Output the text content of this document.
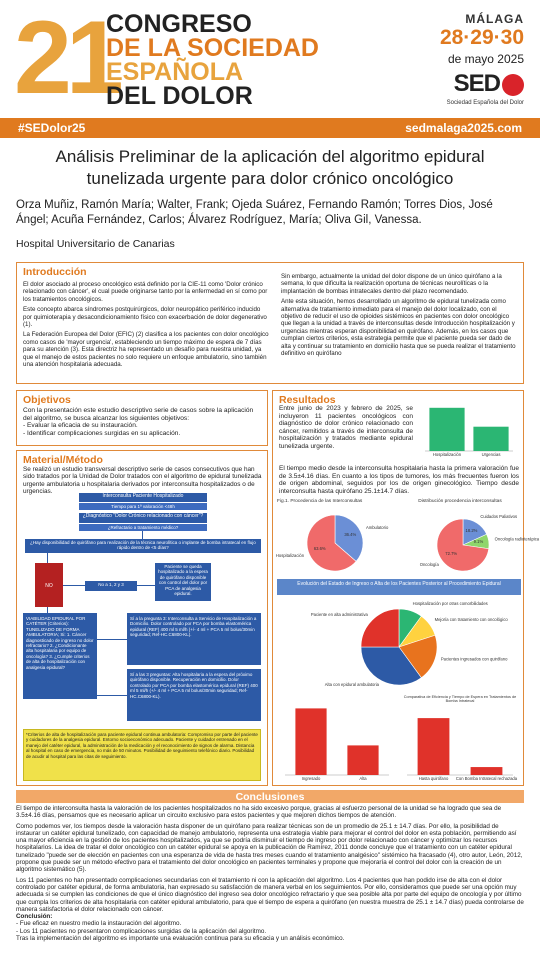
21
CONGRESO
DE LA SOCIEDAD
ESPAÑOLA
DEL DOLOR
MÁLAGA
28·29·30
de mayo 2025
SED
Sociedad Española del Dolor
#SEDolor25	sedmalaga2025.com
Análisis Preliminar de la aplicación del algoritmo epidural tunelizada urgente para dolor crónico oncológico
Orza Muñiz, Ramón María; Walter, Frank; Ojeda Suárez, Fernando Ramón; Torres Dios, José Ángel; Acuña Fernández, Carlos; Álvarez Rodríguez, María; Oliva Gil, Vanessa.
Hospital Universitario de Canarias
Introducción

El dolor asociado al proceso oncológico está definido por la CIE-11 como 'Dolor crónico relacionado con cáncer', el cual puede originarse tanto por la enfermedad en sí como por los tratamientos oncológicos.

Este concepto abarca síndromes postquirúrgicos, dolor neuropático periférico inducido por quimioterapia y desacondicionamiento físico con exacerbación de dolor degenerativo (1).

La Federación Europea del Dolor (EFIC) (2) clasifica a los pacientes con dolor oncológico como casos de 'mayor urgencia', estableciendo un tiempo máximo de espera de 7 días para su atención (3). Esta directriz ha representado un desafío para nuestra unidad, ya que el manejo de estos pacientes no solo requiere un enfoque ambulatorio, sino también una atención hospitalaria adecuada.

Sin embargo, actualmente la unidad del dolor dispone de un único quirófano a la semana, lo que dificulta la realización oportuna de técnicas neurolíticas o la implantación de bombas intratecales dentro del plazo recomendado.

Ante esta situación, hemos desarrollado un algoritmo de epidural tunelizada como alternativa de tratamiento inmediato para el manejo del dolor localizado, con el objetivo de reducir el uso de opioides sistémicos en pacientes con dolor oncológico que llegan a la unidad a través de interconsultas desde Introducción hospitalización y urgencias mientras esperan disponibilidad en quirófano. Además, en los casos que cumplan ciertos criterios, esta estrategia permite que el paciente pueda ser dado de alta y continuar su tratamiento en domicilio hasta que se pueda realizar el tratamiento definitivo en quirófano

Objetivos
Con la presentación este estudio descriptivo serie de casos sobre la aplicación del algoritmo, se busca alcanzar los siguientes objetivos:
- Evaluar la eficacia de su instauración.
- Identificar complicaciones surgidas en su aplicación.
Material/Método
Se realizó un estudio transversal descriptivo serie de casos consecutivos que han sido tratados por la Unidad de Dolor tratados con el algoritmo de epidural tunelizada urgente ambulatoria u hospitalaria derivados por interconsulta hospitalizados o de urgencias.
Interconsulta Paciente Hospitalizado
Tiempo para 1ª valoración <48h
¿Diagnóstico "Dolor Crónico relacionado con cáncer"?
¿Refractario a tratamiento médico?
¿Hay disponibilidad de quirófano para realización de la técnica neurolítica o implante de bomba intratecal en flujo rápido dentro de <5 días?
NO	No a 1, 2 y 3
Paciente se queda hospitalizado a la espera de quirófano disponible con control del dolor por PCA de analgesia epidural.
VIABILIDAD EPIDURAL POR CATÉTER (Criterios): TUNELIZADO DE FORMA AMBULATORIA; Si: 1. Cáncer diagnosticado de ingreso no dolor refractario? 2. ¿Condicionante alta hospitalaria por equipo de oncología? 3. ¿Cumple criterios de alta de hospitalización con analgesia epidural?
Sí a la pregunta 3: Interconsulta a Servicio de Hospitalización a Domicilio. Dolor controlado por PCA por bomba elastomérica epidural (REF) 400 ml 5 ml/h (+/- 4 ml + PCA 5 ml bolus/30min seguridad; Ref-HC.C6800-KL).
Sí a las 3 preguntas: Alta hospitalaria a la espera del próximo quirófano disponible. Recuperación en domicilio. Dolor controlado por PCA por bomba elastomérica epidural (REF) 400 ml 5 ml/h (+/- 4 ml + PCA 5 ml bolus/30min seguridad; Ref-HC.C6800-KL).
*Criterios de alta de hospitalización para paciente epidural continua ambulatoria: Compromiso por parte del paciente y cuidadores de la analgesia epidural. Entorno socioeconómico adecuado. Paciente y cuidador entrenado en el manejo del catéter epidural, la administración de la medicación y el reconocimiento de signos de alarma. Distancia al hospital en caso de emergencia, no más de 50 minutos. Posibilidad de seguimiento telefónico diario. Posibilidad de acudir al hospital para las citas de seguimiento.
Resultados
Entre junio de 2023 y febrero de 2025, se incluyeron 11 pacientes oncológicos con diagnóstico de dolor crónico relacionado con cáncer, remitidos a través de interconsulta de hospitalización y tratados mediante epidural tunelizada urgente.
Hospitalización	Urgencias
El tiempo medio desde la interconsulta hospitalaria hasta la primera valoración fue de 3.5±4.16 días. En cuanto a los tipos de tumores, los más frecuentes fueron los de origen abdominal, seguidos por los de origen ginecológico. Tiempo desde interconsulta hasta quirófano 25.1±14.7 días.
Fig.1. Procedencia de las Interconsultas
36.4%
Ambulatorio
63.6%
Hospitalización
Distribución procedencia interconsultas
18.2%
Cuidados Paliativos
9.1%	Oncología radioterápica
72.7%
Oncología
Evolución del Estado de Ingreso o Alta de los Pacientes Posterior al Procedimiento Epidural
Hospitalización por otras comorbilidades
Mejoría con tratamiento con oncológico
Pacientes ingresados con quirófano
Alta con epidural ambulatoria
Paciente en alta administrativa
Ingresado	Alta
Comparativa de Eficiencia y Tiempo de Espera en Tratamientos de Bomba Intratecal
Hasta quirófano Con Bomba Intratecal rechazada
Conclusiones

El tiempo de interconsulta hasta la valoración de los pacientes hospitalizados no ha sido excesivo porque, gracias al esfuerzo personal de la unidad se ha logrado que sea de 3.5±4.16 días, pensamos que es necesario aplicar un circuito exclusivo para estos pacientes y que mejoren dichos tiempos de atención.

Como podemos ver, los tiempos desde la valoración hasta disponer de un quirófano para realizar técnicas son de un promedio de 25.1 ± 14.7 días. Por ello, la posibilidad de instaurar un catéter epidural tunelizado, con capacidad de manejo ambulatorio, representa una estrategia viable para mejorar el control del dolor en esta población, permitiendo así una mayor eficiencia en la gestión de los pacientes hospitalizados, ya que se podría disminuir el tiempo de ingreso por dolor relacionado con cáncer y optimizar los recursos hospitalarios. La idea de tratar el dolor oncológico con un catéter epidural se apoya en la publicación de Ramírez, 2011 donde concluye que el tratamiento con un catéter epidural tunelizado "puede ser de elección en pacientes con una esperanza de vida de hasta tres meses cuando el tratamiento analgésico" sistémico ha fracasado (4), otro autor, León, 2012, propone que puede ser un método efectivo para el tratamiento del dolor oncológico en pacientes terminales y propone que mejoraría el control del dolor con la creación de un algoritmo sistemático (5).

Los 11 pacientes no han presentado complicaciones secundarias con el tratamiento ni con la aplicación del algoritmo. Los 4 pacientes que han podido irse de alta con el dolor controlado por catéter epidural, de forma ambulatoria, han expresado su satisfacción de manera verbal en los seguimientos. Por ello, consideramos que puede ser una opción muy adecuada si se cumplen las condiciones de que el único diagnóstico del ingreso sea dolor oncológico refractario y que sea posible alta por parte del equipo de oncología y por último que cumpla los criterios de alta hospitalaria con catéter epidural ambulatorio, para que el tiempo de espera a quirófano (en nuestra muestra de 25.1 ± 14.7 días) pueda controlarse de manera satisfactoria el dolor relacionado con cáncer.

Conclusión:
- Fue eficaz en nuestro medio la instauración del algoritmo.
- Los 11 pacientes no presentaron complicaciones surgidas de la aplicación del algoritmo.
Tras la implementación del algoritmo es importante una evaluación continua para su eficacia y un análisis económico.
